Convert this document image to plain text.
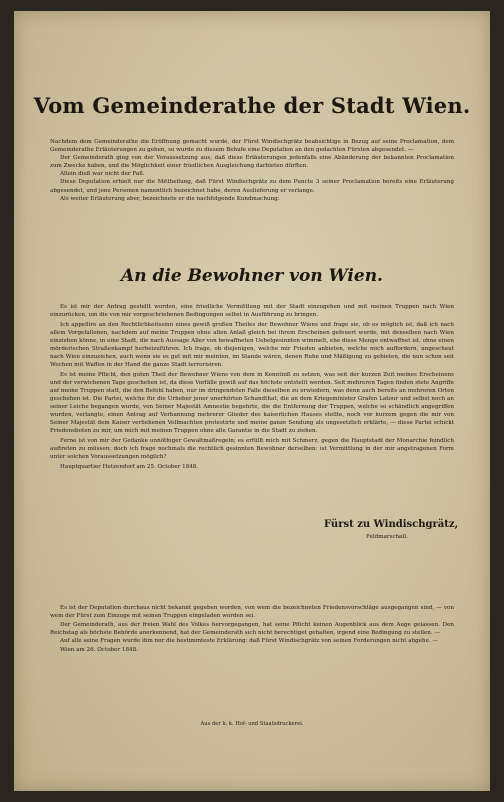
Vom Gemeinderathe der Stadt Wien.

Nachdem dem Gemeinderathe die Eröffnung gemacht wurde, der Fürst Windischgrätz beabsichtige in Bezug auf seine Proclamation, dem Gemeinderathe Erläuterungen zu geben, so wurde zu diesem Behufe eine Deputation an den gedachten Fürsten abgesendet. —

Der Gemeinderath ging von der Voraussetzung aus, daß diese Erläuterungen jedenfalls eine Abänderung der bekannten Proclamation zum Zwecke haben, und die Möglichkeit einer friedlichen Ausgleichung darbieten dürften.

Allein dieß war nicht der Fall.

Diese Deputation erhielt nur die Mittheilung, daß Fürst Windischgrätz zu dem Puncte 3 seiner Proclamation bereits eine Erläuterung abgesendet, und jene Personen namentlich bezeichnet habe, deren Auslieferung er verlange.

Als weiter Erläuterung aber, bezeichnete er die nachfolgende Kundmachung:

An die Bewohner von Wien.

Es ist mir der Antrag gestellt worden, eine friedliche Vermittlung mit der Stadt einzugehen und mit meinen Truppen nach Wien einzurücken, um die von mir vorgeschriebenen Bedingungen selbst in Ausführung zu bringen.

Ich appellire an den Rechtlichkeitssinn eines gewiß großen Theiles der Bewohner Wiens und frage sie, ob es möglich ist, daß ich nach allem Vorgefallenen, nachdem auf meine Truppen ohne allen Anlaß gleich bei ihrem Erscheinen gefeuert wurde, mit denselben nach Wien einziehen könne, in eine Stadt, die nach Aussage Aller von bewaffneten Uebelgesinnten wimmelt, ehe diese Menge entwaffnet ist, ohne einen mörderischen Straßenkampf herbeizuführen. Ich frage, ob diejenigen, welche mir Frieden anbieten, welche mich auffordern, ungescheut nach Wien einzuziehen, auch wenn sie es gut mit mir meinten, im Stande wären, denen Ruhe und Mäßigung zu gebieten, die nun schon seit Wochen mit Waffen in der Hand die ganze Stadt terrorisiren.

Es ist meine Pflicht, den guten Theil der Bewohner Wiens von dem in Kenntniß zu setzen, was seit der kurzen Zeit meines Erscheinens und der verwichenen Tage geschehen ist, da diese Vorfälle gewiß auf das höchste entstellt werden. Seit mehreren Tagen finden stete Angriffe auf meine Truppen statt, die den Befehl haben, nur im dringendsten Falle dieselben zu erwiedern, was denn auch bereits an mehreren Orten geschehen ist. Die Partei, welche für die Urheber jener unerhörten Schandthat, die an dem Kriegsminister Grafen Latour und selbst noch an seiner Leiche begangen wurde, von Seiner Majestät Amnestie begehrte, die die Entfernung der Truppen, welche so schändlich angegriffen wurden, verlangte, einen Antrag auf Verbannung mehrerer Glieder des kaiserlichen Hauses stellte, noch vor kurzem gegen die mir von Seiner Majestät dem Kaiser verliehenen Vollmachten protestirte und meine ganze Sendung als ungesetzlich erklärte, — diese Partei schickt Friedensboten zu mir, um mich mit meinen Truppen ohne alle Garantie in die Stadt zu ziehen.

Ferne ist von mir der Gedanke unnöthiger Gewaltmaßregeln; es erfüllt mich mit Schmerz, gegen die Hauptstadt der Monarchie feindlich auftreten zu müssen; doch ich frage nochmals die rechtlich gesinnten Bewohner derselben: ist Vermittlung in der mir angetragenen Form unter solchen Voraussetzungen möglich?

Hauptquartier Hetzendorf am 25. October 1848.

Fürst zu Windischgrätz,
Feldmarschall.

Es ist der Deputation durchaus nicht bekannt gegeben worden, von wem die bezeichneten Friedensvorschläge ausgegangen sind, — von wem der Fürst zum Einzuge mit seinen Truppen eingeladen worden sei.

Der Gemeinderath, aus der freien Wahl des Volkes hervorgegangen, hat seine Pflicht keinen Augenblick aus dem Auge gelassen. Den Reichstag als höchste Behörde anerkennend, hat der Gemeinderath sich nicht berechtiget gehalten, irgend eine Bedingung zu stellen. —

Auf alle seine Fragen wurde ihm nur die bestimmteste Erklärung: daß Fürst Windischgrätz von seinen Forderungen nicht abgehe. —

Wien am 26. October 1848.

Aus der k. k. Hof- und Staatsdruckerei.
